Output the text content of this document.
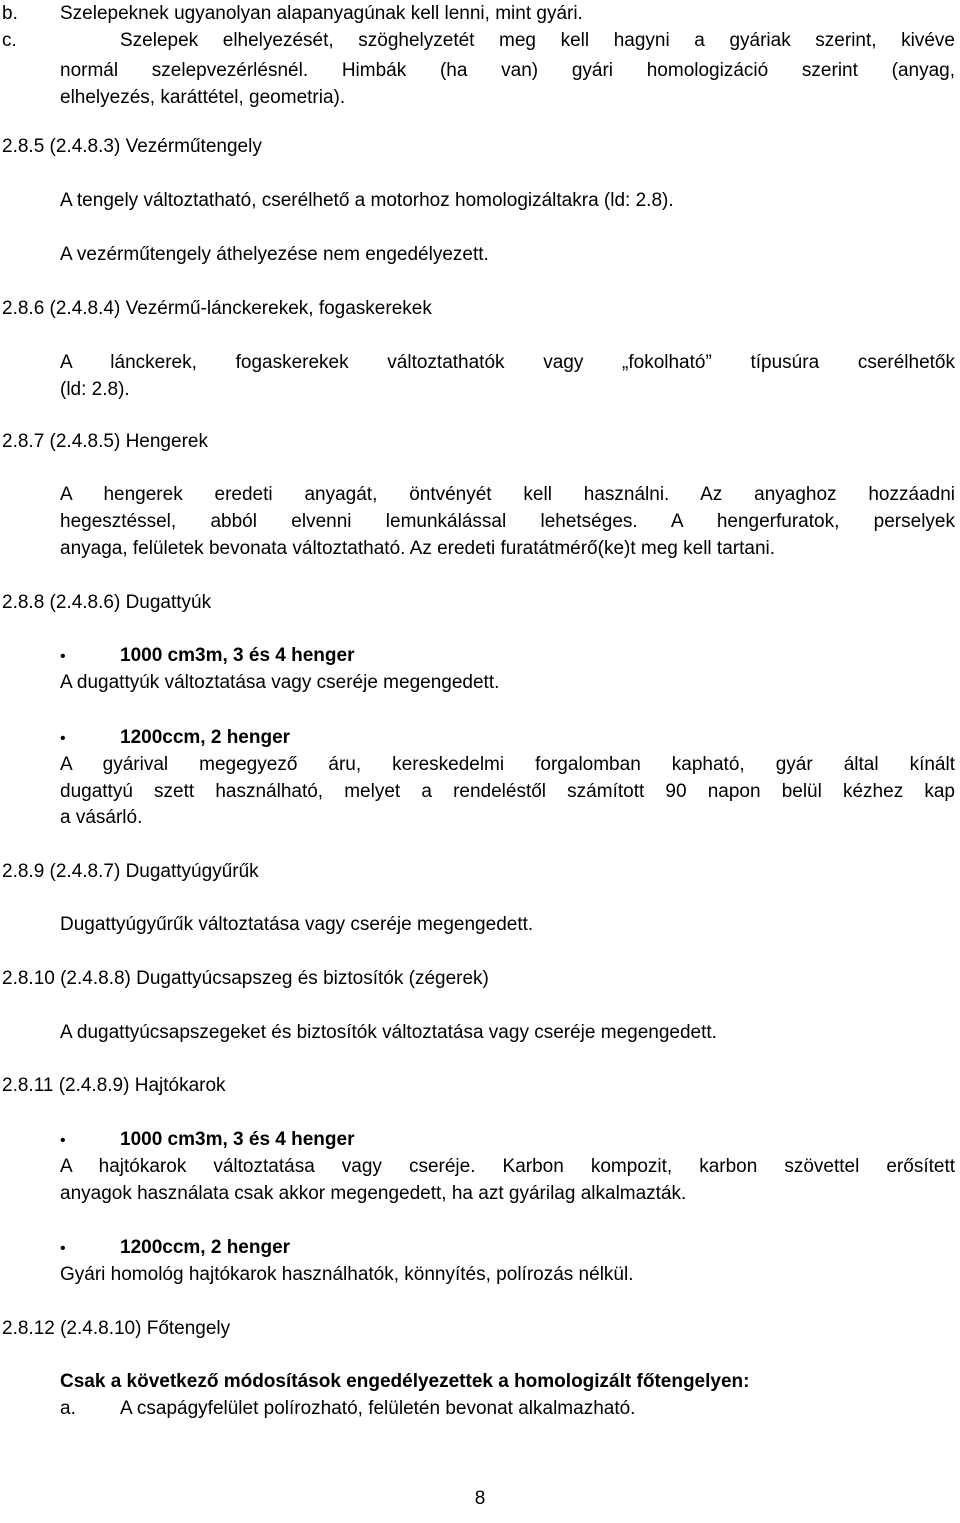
b. Szelepeknek ugyanolyan alapanyagúnak kell lenni, mint gyári.
c.	Szelepek elhelyezését, szöghelyzetét meg kell hagyni a gyáriak szerint, kivéve
normál szelepvezérlésnél. Himbák (ha van) gyári homologizáció szerint (anyag,
elhelyezés, karáttétel, geometria).
2.8.5 (2.4.8.3) Vezérműtengely
A tengely változtatható, cserélhető a motorhoz homologizáltakra (ld: 2.8).
A vezérműtengely áthelyezése nem engedélyezett.
2.8.6 (2.4.8.4) Vezérmű-lánckerekek, fogaskerekek
A lánckerek, fogaskerekek változtathatók vagy „fokolható” típusúra cserélhetők
(ld: 2.8).
2.8.7 (2.4.8.5) Hengerek
A hengerek eredeti anyagát, öntvényét kell használni. Az anyaghoz hozzáadni
hegesztéssel, abból elvenni lemunkálással lehetséges. A hengerfuratok, perselyek
anyaga, felületek bevonata változtatható. Az eredeti furatátmérő(ke)t meg kell tartani.
2.8.8 (2.4.8.6) Dugattyúk
•	1000 cm3m, 3 és 4 henger
A dugattyúk változtatása vagy cseréje megengedett.
•	1200ccm, 2 henger
A gyárival megegyező áru, kereskedelmi forgalomban kapható, gyár által kínált
dugattyú szett használható, melyet a rendeléstől számított 90 napon belül kézhez kap
a vásárló.
2.8.9 (2.4.8.7) Dugattyúgyűrűk
Dugattyúgyűrűk változtatása vagy cseréje megengedett.
2.8.10 (2.4.8.8) Dugattyúcsapszeg és biztosítók (zégerek)
A dugattyúcsapszegeket és biztosítók változtatása vagy cseréje megengedett.
2.8.11 (2.4.8.9) Hajtókarok
•	1000 cm3m, 3 és 4 henger
A hajtókarok változtatása vagy cseréje. Karbon kompozit, karbon szövettel erősített
anyagok használata csak akkor megengedett, ha azt gyárilag alkalmazták.
•	1200ccm, 2 henger
Gyári homológ hajtókarok használhatók, könnyítés, polírozás nélkül.
2.8.12 (2.4.8.10) Főtengely
Csak a következő módosítások engedélyezettek a homologizált főtengelyen:
a.	A csapágyfelület polírozható, felületén bevonat alkalmazható.
8
